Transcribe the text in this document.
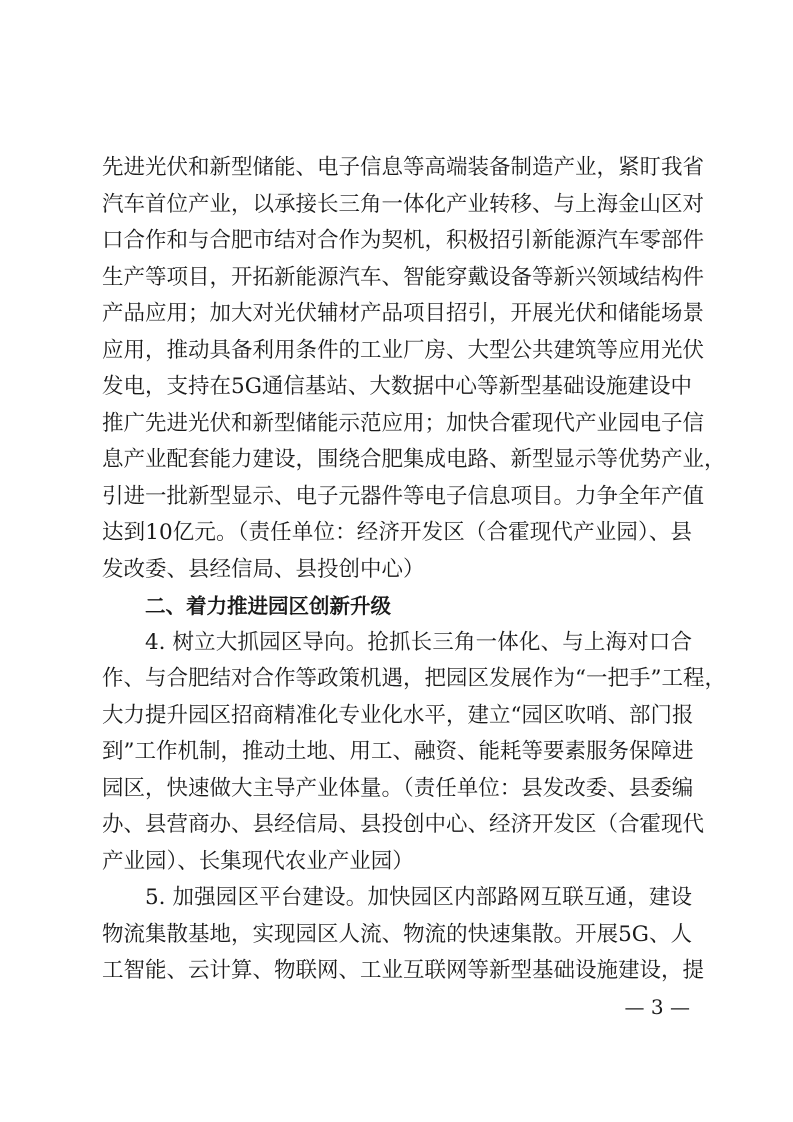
先进光伏和新型储能、电子信息等高端装备制造产业，紧盯我省
汽车首位产业，以承接长三角一体化产业转移、与上海金山区对
口合作和与合肥市结对合作为契机，积极招引新能源汽车零部件
生产等项目，开拓新能源汽车、智能穿戴设备等新兴领域结构件
产品应用；加大对光伏辅材产品项目招引，开展光伏和储能场景
应用，推动具备利用条件的工业厂房、大型公共建筑等应用光伏
发电，支持在5G通信基站、大数据中心等新型基础设施建设中
推广先进光伏和新型储能示范应用；加快合霍现代产业园电子信
息产业配套能力建设，围绕合肥集成电路、新型显示等优势产业，
引进一批新型显示、电子元器件等电子信息项目。力争全年产值
达到10亿元。（责任单位：经济开发区（合霍现代产业园）、县
发改委、县经信局、县投创中心）
二、着力推进园区创新升级
4. 树立大抓园区导向。抢抓长三角一体化、与上海对口合
作、与合肥结对合作等政策机遇，把园区发展作为“一把手”工程，
大力提升园区招商精准化专业化水平，建立“园区吹哨、部门报
到”工作机制，推动土地、用工、融资、能耗等要素服务保障进
园区，快速做大主导产业体量。（责任单位：县发改委、县委编
办、县营商办、县经信局、县投创中心、经济开发区（合霍现代
产业园）、长集现代农业产业园）
5. 加强园区平台建设。加快园区内部路网互联互通，建设
物流集散基地，实现园区人流、物流的快速集散。开展5G、人
工智能、云计算、物联网、工业互联网等新型基础设施建设，提
— 3 —
